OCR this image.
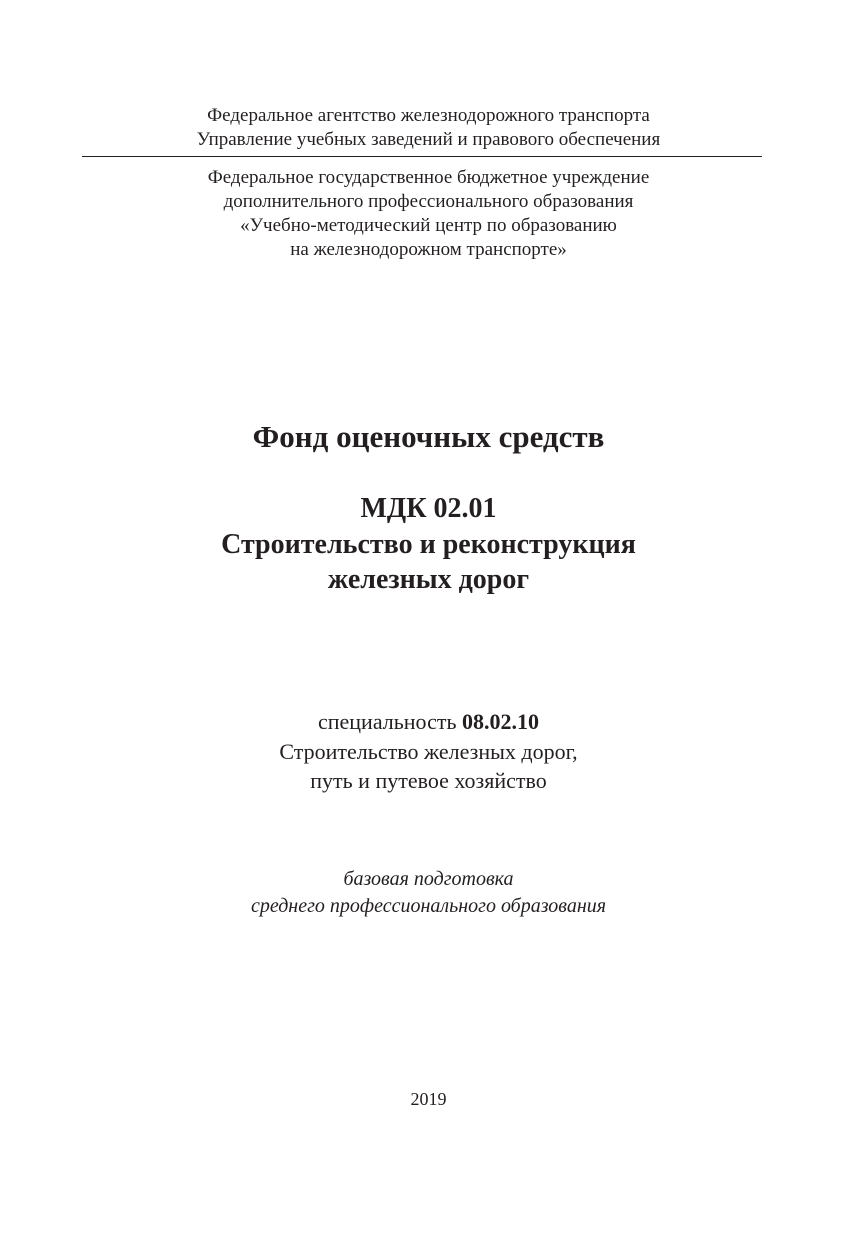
Федеральное агентство железнодорожного транспорта
Управление учебных заведений и правового обеспечения
Федеральное государственное бюджетное учреждение
дополнительного профессионального образования
«Учебно-методический центр по образованию
на железнодорожном транспорте»
Фонд оценочных средств
МДК 02.01
Строительство и реконструкция
железных дорог
специальность 08.02.10
Строительство железных дорог,
путь и путевое хозяйство
базовая подготовка
среднего профессионального образования
2019
